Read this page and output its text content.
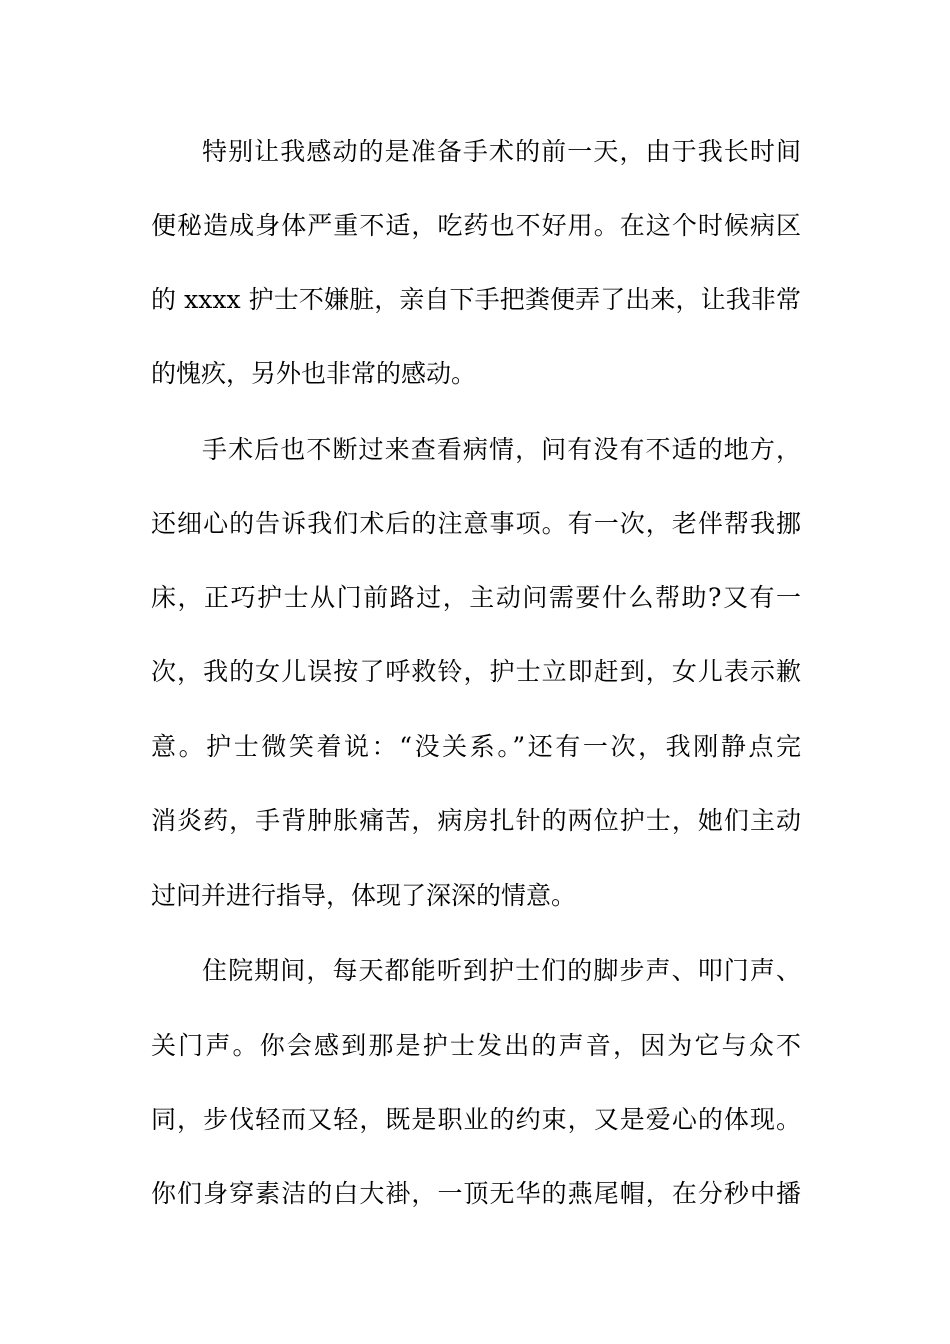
特别让我感动的是准备手术的前一天，由于我长时间
便秘造成身体严重不适，吃药也不好用。在这个时候病区
的 xxxx 护士不嫌脏，亲自下手把粪便弄了出来，让我非常
的愧疚，另外也非常的感动。
手术后也不断过来查看病情，问有没有不适的地方，
还细心的告诉我们术后的注意事项。有一次，老伴帮我挪
床，正巧护士从门前路过，主动问需要什么帮助?又有一
次，我的女儿误按了呼救铃，护士立即赶到，女儿表示歉
意。护士微笑着说：“没关系。”还有一次，我刚静点完
消炎药，手背肿胀痛苦，病房扎针的两位护士，她们主动
过问并进行指导，体现了深深的情意。
住院期间，每天都能听到护士们的脚步声、叩门声、
关门声。你会感到那是护士发出的声音，因为它与众不
同，步伐轻而又轻，既是职业的约束，又是爱心的体现。
你们身穿素洁的白大褂，一顶无华的燕尾帽，在分秒中播
